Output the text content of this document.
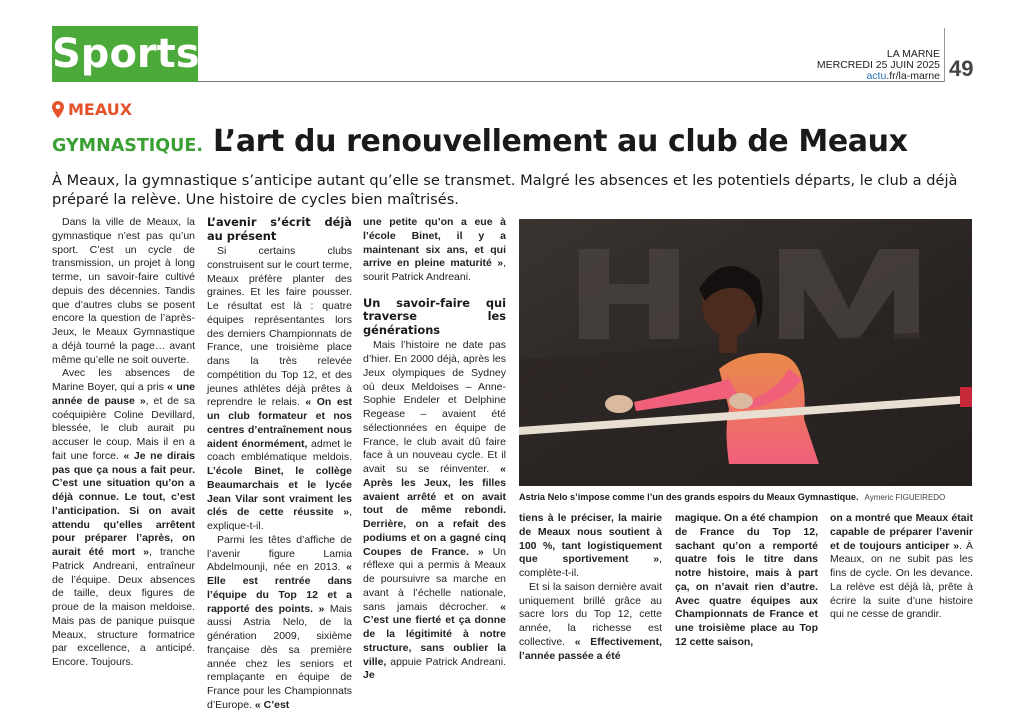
Sports	LA MARNE
MERCREDI 25 JUIN 2025
actu.fr/la-marne 49
MEAUX
GYMNASTIQUE. L’art du renouvellement au club de Meaux
À Meaux, la gymnastique s’anticipe autant qu’elle se transmet. Malgré les absences et les potentiels départs, le club a déjà préparé la relève. Une histoire de cycles bien maîtrisés.

Dans la ville de Meaux, la gymnastique n’est pas qu’un sport. C’est un cycle de transmission, un projet à long terme, un savoir-faire cultivé depuis des décennies. Tandis que d’autres clubs se posent encore la question de l’après-Jeux, le Meaux Gymnastique a déjà tourné la page… avant même qu’elle ne soit ouverte.

Avec les absences de Marine Boyer, qui a pris « une année de pause », et de sa coéquipière Coline Devillard, blessée, le club aurait pu accuser le coup. Mais il en a fait une force. « Je ne dirais pas que ça nous a fait peur. C’est une situation qu’on a déjà connue. Le tout, c’est l’anticipation. Si on avait attendu qu’elles arrêtent pour préparer l’après, on aurait été mort », tranche Patrick Andreani, entraîneur de l’équipe. Deux absences de taille, deux figures de proue de la maison meldoise. Mais pas de panique puisque Meaux, structure formatrice par excellence, a anticipé. Encore. Toujours.

L’avenir s’écrit déjà au présent

Si certains clubs construisent sur le court terme, Meaux préfère planter des graines. Et les faire pousser. Le résultat est là : quatre équipes représentantes lors des derniers Championnats de France, une troisième place dans la très relevée compétition du Top 12, et des jeunes athlètes déjà prêtes à reprendre le relais. « On est un club formateur et nos centres d’entraînement nous aident énormément, admet le coach emblématique meldois. L’école Binet, le collège Beaumarchais et le lycée Jean Vilar sont vraiment les clés de cette réussite », explique-t-il.

Parmi les têtes d’affiche de l’avenir figure Lamia Abdelmounji, née en 2013. « Elle est rentrée dans l’équipe du Top 12 et a rapporté des points. » Mais aussi Astria Nelo, de la génération 2009, sixième française dès sa première année chez les seniors et remplaçante en équipe de France pour les Championnats d’Europe. « C’est

une petite qu’on a eue à l’école Binet, il y a maintenant six ans, et qui arrive en pleine maturité », sourit Patrick Andreani.

Un savoir-faire qui traverse les générations

Mais l’histoire ne date pas d’hier. En 2000 déjà, après les Jeux olympiques de Sydney où deux Meldoises – Anne-Sophie Endeler et Delphine Regease – avaient été sélectionnées en équipe de France, le club avait dû faire face à un nouveau cycle. Et il avait su se réinventer. « Après les Jeux, les filles avaient arrêté et on avait tout de même rebondi. Derrière, on a refait des podiums et on a gagné cinq Coupes de France. » Un réflexe qui a permis à Meaux de poursuivre sa marche en avant à l’échelle nationale, sans jamais décrocher. « C’est une fierté et ça donne de la légitimité à notre structure, sans oublier la ville, appuie Patrick Andreani. Je

Astria Nelo s’impose comme l’un des grands espoirs du Meaux Gymnastique. Aymeric FIGUEIREDO

tiens à le préciser, la mairie de Meaux nous soutient à 100 %, tant logistiquement que sportivement », complète-t-il.

Et si la saison dernière avait uniquement brillé grâce au sacre lors du Top 12, cette année, la richesse est collective. « Effectivement, l’année passée a été

magique. On a été champion de France du Top 12, sachant qu’on a remporté quatre fois le titre dans notre histoire, mais à part ça, on n’avait rien d’autre. Avec quatre équipes aux Championnats de France et une troisième place au Top 12 cette saison,

on a montré que Meaux était capable de préparer l’avenir et de toujours anticiper ». À Meaux, on ne subit pas les fins de cycle. On les devance. La relève est déjà là, prête à écrire la suite d’une histoire qui ne cesse de grandir.
